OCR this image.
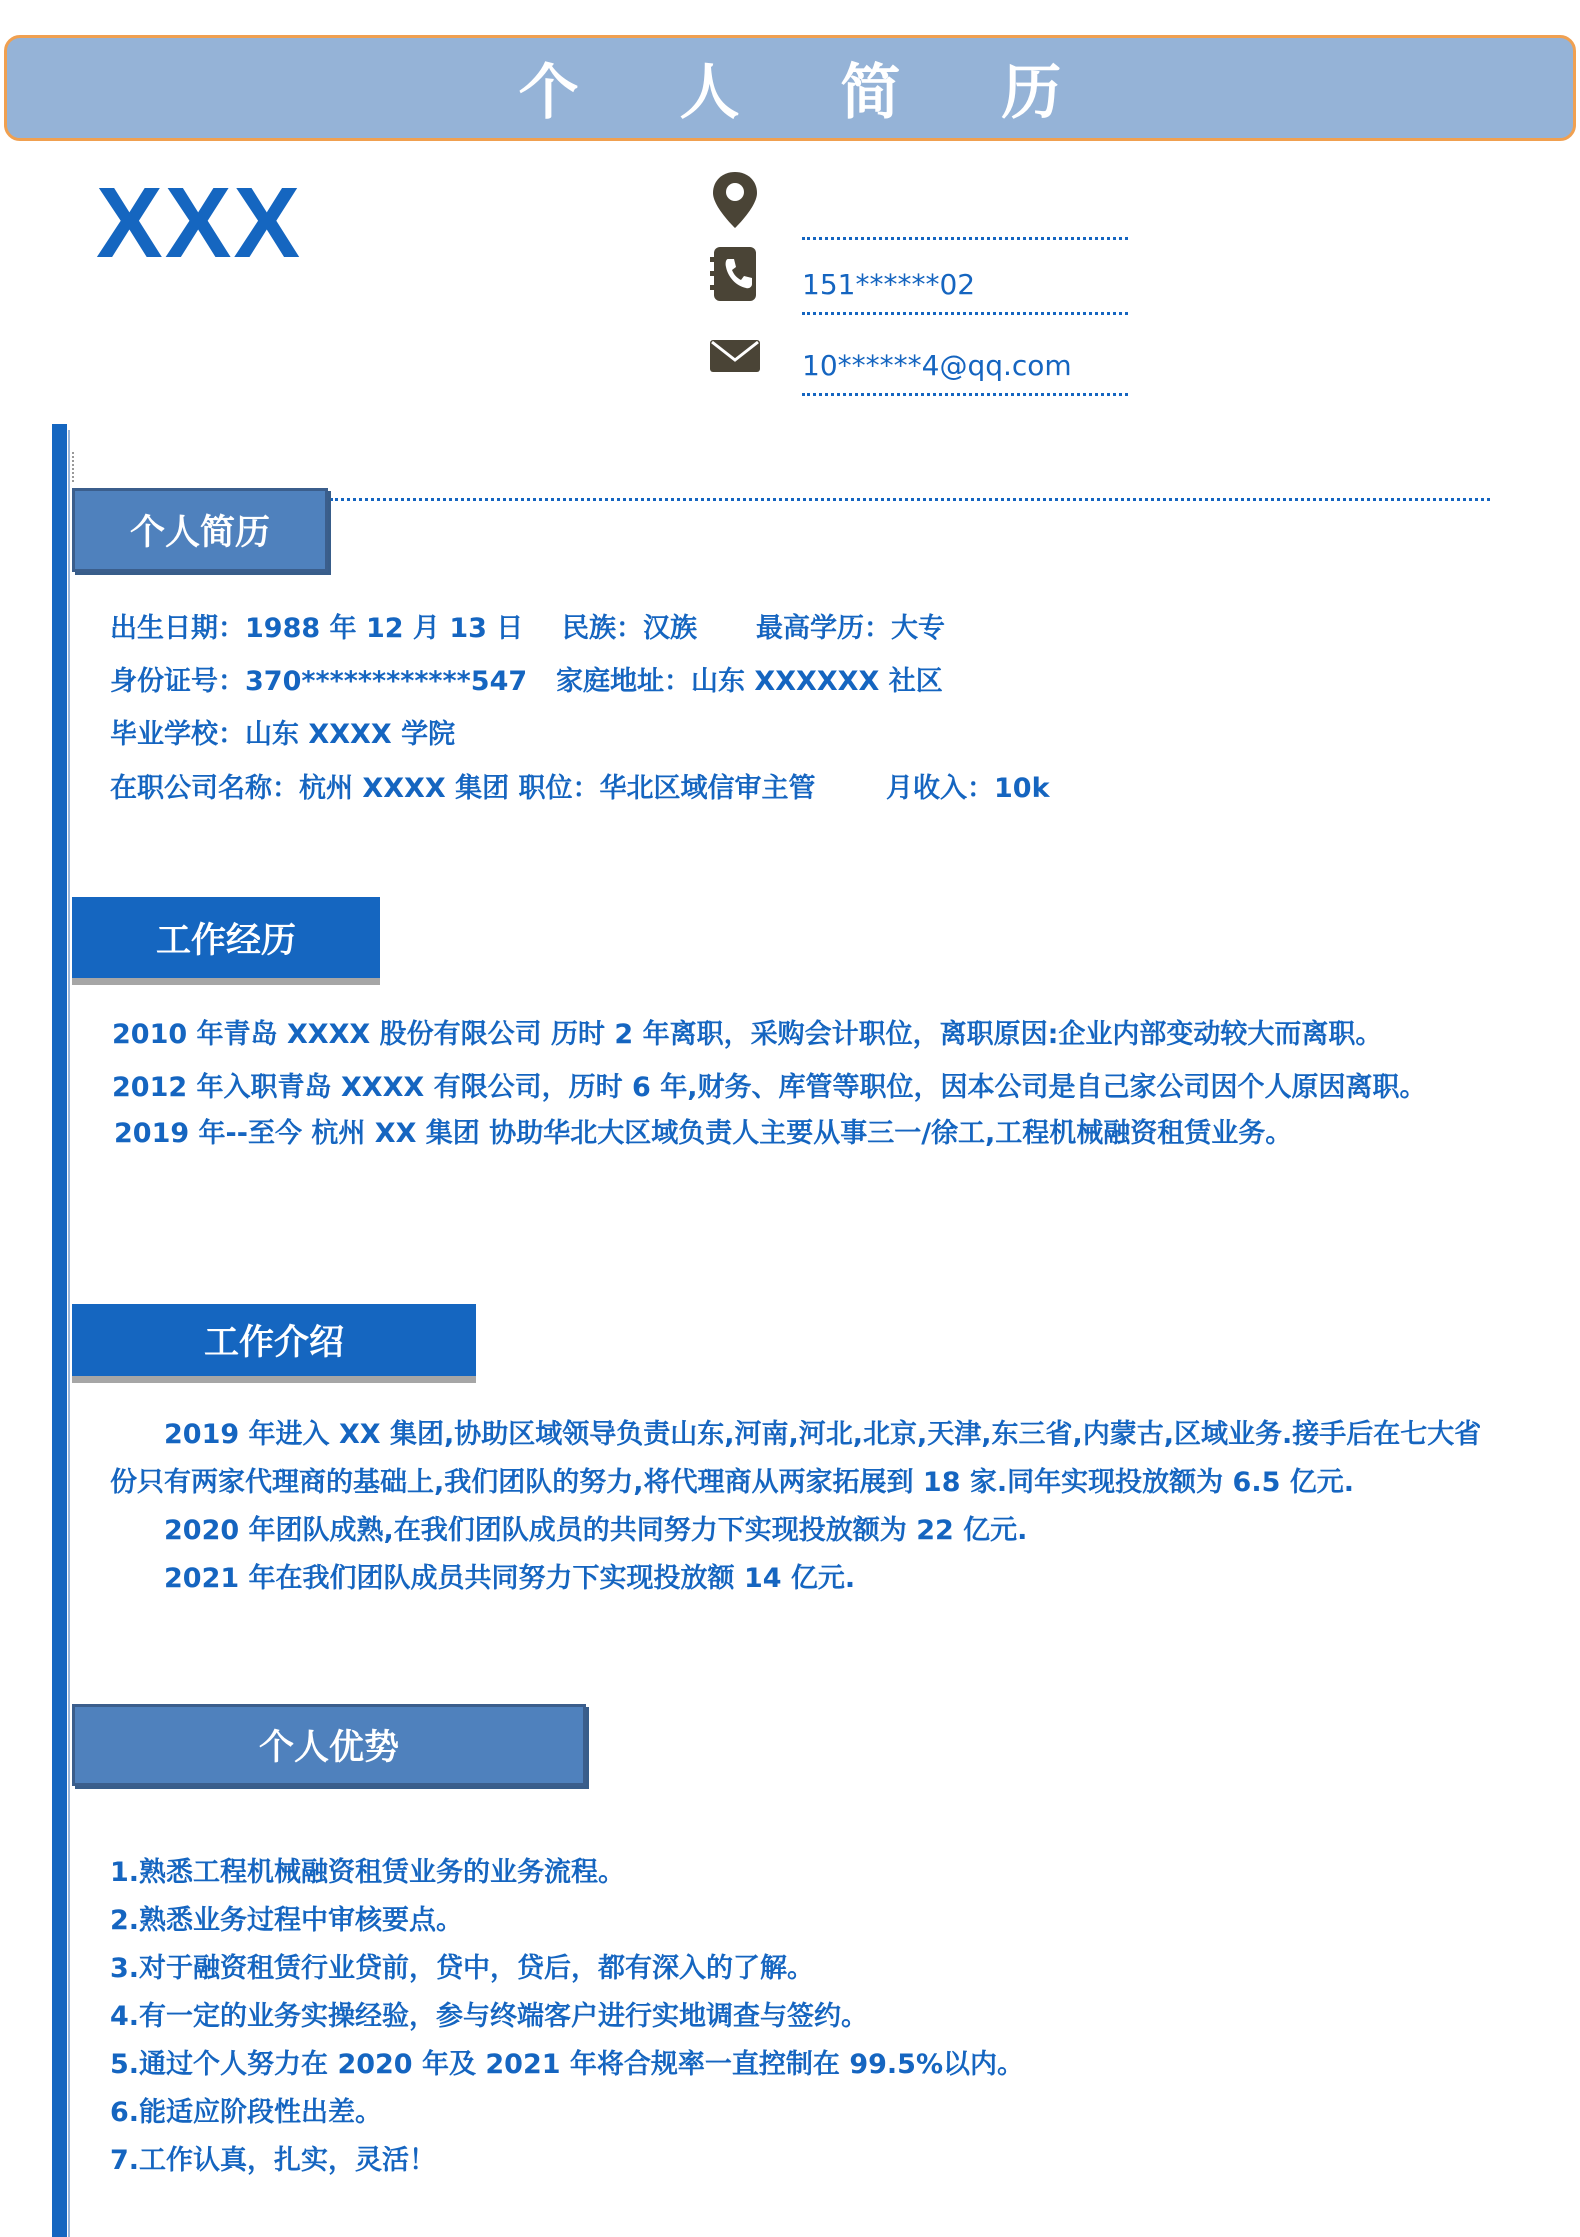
个 人 简 历
XXX
151******02
10******4@qq.com
个人简历
出生日期：1988 年 12 月 13 日 民族：汉族 最高学历：大专
身份证号：370************547 家庭地址：山东 XXXXXX 社区
毕业学校：山东 XXXX 学院
在职公司名称：杭州 XXXX 集团 职位：华北区域信审主管	月收入：10k
工作经历
2010 年青岛 XXXX 股份有限公司 历时 2 年离职，采购会计职位，离职原因:企业内部变动较大而离职。
2012 年入职青岛 XXXX 有限公司，历时 6 年,财务、库管等职位，因本公司是自己家公司因个人原因离职。
2019 年--至今 杭州 XX 集团 协助华北大区域负责人主要从事三一/徐工,工程机械融资租赁业务。
工作介绍
2019 年进入 XX 集团,协助区域领导负责山东,河南,河北,北京,天津,东三省,内蒙古,区域业务.接手后在七大省
份只有两家代理商的基础上,我们团队的努力,将代理商从两家拓展到 18 家.同年实现投放额为 6.5 亿元.
2020 年团队成熟,在我们团队成员的共同努力下实现投放额为 22 亿元.
2021 年在我们团队成员共同努力下实现投放额 14 亿元.
个人优势
1.熟悉工程机械融资租赁业务的业务流程。
2.熟悉业务过程中审核要点。
3.对于融资租赁行业贷前，贷中，贷后，都有深入的了解。
4.有一定的业务实操经验，参与终端客户进行实地调查与签约。
5.通过个人努力在 2020 年及 2021 年将合规率一直控制在 99.5%以内。
6.能适应阶段性出差。
7.工作认真，扎实，灵活！
